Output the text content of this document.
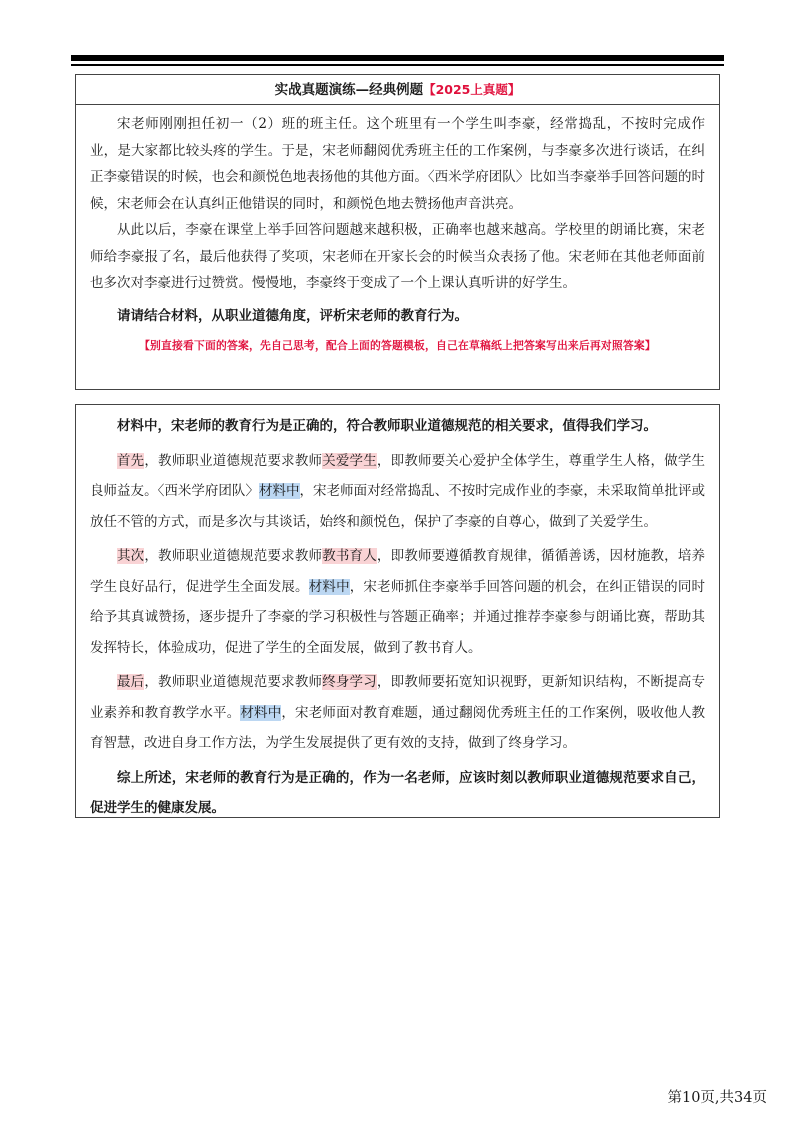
实战真题演练—经典例题【2025上真题】

宋老师刚刚担任初一（2）班的班主任。这个班里有一个学生叫李豪，经常捣乱，不按时完成作业，是大家都比较头疼的学生。于是，宋老师翻阅优秀班主任的工作案例，与李豪多次进行谈话，在纠正李豪错误的时候，也会和颜悦色地表扬他的其他方面。〈西米学府团队〉比如当李豪举手回答问题的时候，宋老师会在认真纠正他错误的同时，和颜悦色地去赞扬他声音洪亮。

从此以后，李豪在课堂上举手回答问题越来越积极，正确率也越来越高。学校里的朗诵比赛，宋老师给李豪报了名，最后他获得了奖项，宋老师在开家长会的时候当众表扬了他。宋老师在其他老师面前也多次对李豪进行过赞赏。慢慢地，李豪终于变成了一个上课认真听讲的好学生。

请请结合材料，从职业道德角度，评析宋老师的教育行为。

【别直接看下面的答案，先自己思考，配合上面的答题模板，自己在草稿纸上把答案写出来后再对照答案】

材料中，宋老师的教育行为是正确的，符合教师职业道德规范的相关要求，值得我们学习。

首先，教师职业道德规范要求教师关爱学生，即教师要关心爱护全体学生，尊重学生人格，做学生良师益友。〈西米学府团队〉材料中，宋老师面对经常捣乱、不按时完成作业的李豪，未采取简单批评或放任不管的方式，而是多次与其谈话，始终和颜悦色，保护了李豪的自尊心，做到了关爱学生。

其次，教师职业道德规范要求教师教书育人，即教师要遵循教育规律，循循善诱，因材施教，培养学生良好品行，促进学生全面发展。材料中，宋老师抓住李豪举手回答问题的机会，在纠正错误的同时给予其真诚赞扬，逐步提升了李豪的学习积极性与答题正确率；并通过推荐李豪参与朗诵比赛，帮助其发挥特长，体验成功，促进了学生的全面发展，做到了教书育人。

最后，教师职业道德规范要求教师终身学习，即教师要拓宽知识视野，更新知识结构，不断提高专业素养和教育教学水平。材料中，宋老师面对教育难题，通过翻阅优秀班主任的工作案例，吸收他人教育智慧，改进自身工作方法，为学生发展提供了更有效的支持，做到了终身学习。

综上所述，宋老师的教育行为是正确的，作为一名老师，应该时刻以教师职业道德规范要求自己，促进学生的健康发展。

第10页,共34页
